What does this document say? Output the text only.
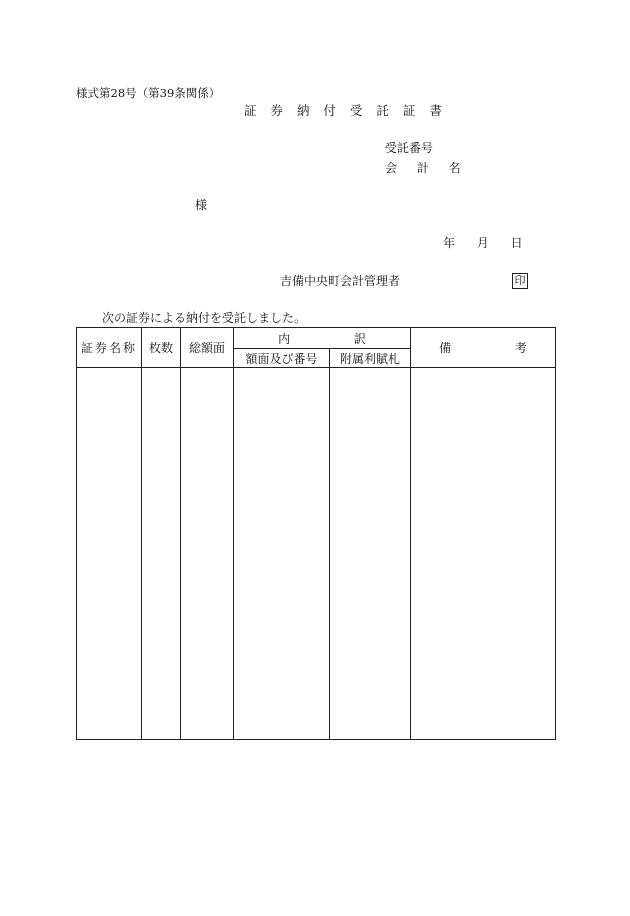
様式第28号（第39条関係）
証 券 納 付 受 託 証 書
受託番号
会 計 名
様
年 月 日
吉備中央町会計管理者	印
次の証券による納付を受託しました。
証券名称	枚数	総額面	内 訳		備 考
			額面及び番号	附属利賦札	
